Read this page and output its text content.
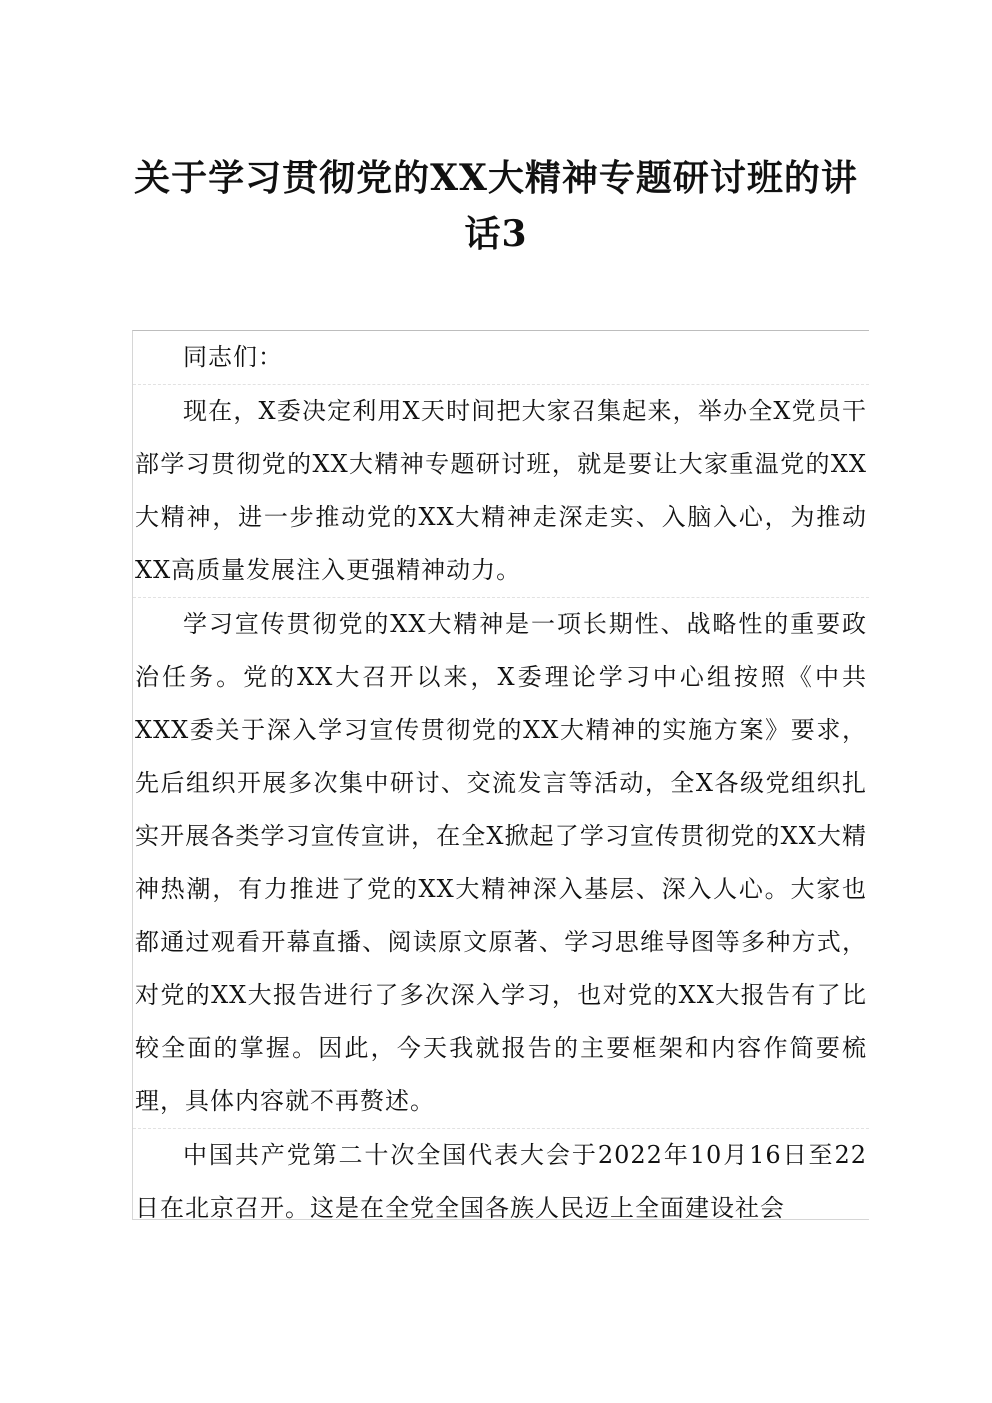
关于学习贯彻党的XX大精神专题研讨班的讲话3

同志们：

现在，X委决定利用X天时间把大家召集起来，举办全X党员干部学习贯彻党的XX大精神专题研讨班，就是要让大家重温党的XX大精神，进一步推动党的XX大精神走深走实、入脑入心，为推动XX高质量发展注入更强精神动力。

学习宣传贯彻党的XX大精神是一项长期性、战略性的重要政治任务。党的XX大召开以来，X委理论学习中心组按照《中共XXX委关于深入学习宣传贯彻党的XX大精神的实施方案》要求，先后组织开展多次集中研讨、交流发言等活动，全X各级党组织扎实开展各类学习宣传宣讲，在全X掀起了学习宣传贯彻党的XX大精神热潮，有力推进了党的XX大精神深入基层、深入人心。大家也都通过观看开幕直播、阅读原文原著、学习思维导图等多种方式，对党的XX大报告进行了多次深入学习，也对党的XX大报告有了比较全面的掌握。因此，今天我就报告的主要框架和内容作简要梳理，具体内容就不再赘述。

中国共产党第二十次全国代表大会于2022年10月16日至22日在北京召开。这是在全党全国各族人民迈上全面建设社会
